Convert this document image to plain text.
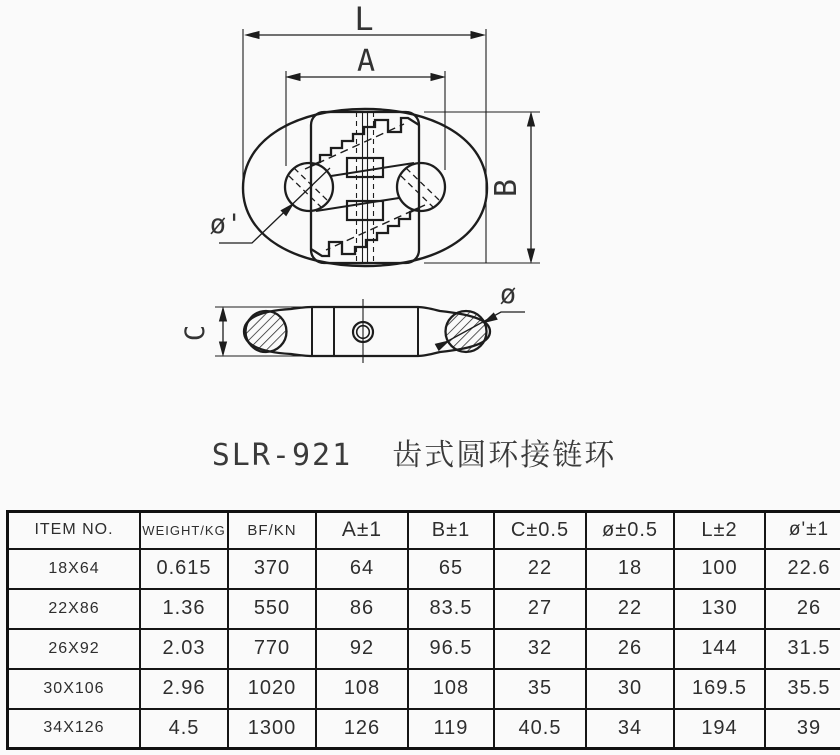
L
A
B
ø'
C
ø
SLR-921  齿式圆环接链环
ITEM NO.	WEIGHT/KG	BF/KN	A±1	B±1	C±0.5	ø±0.5	L±2	ø'±1
18X64	0.615	370	64	65	22	18	100	22.6
22X86	1.36	550	86	83.5	27	22	130	26
26X92	2.03	770	92	96.5	32	26	144	31.5
30X106	2.96	1020	108	108	35	30	169.5	35.5
34X126	4.5	1300	126	119	40.5	34	194	39
